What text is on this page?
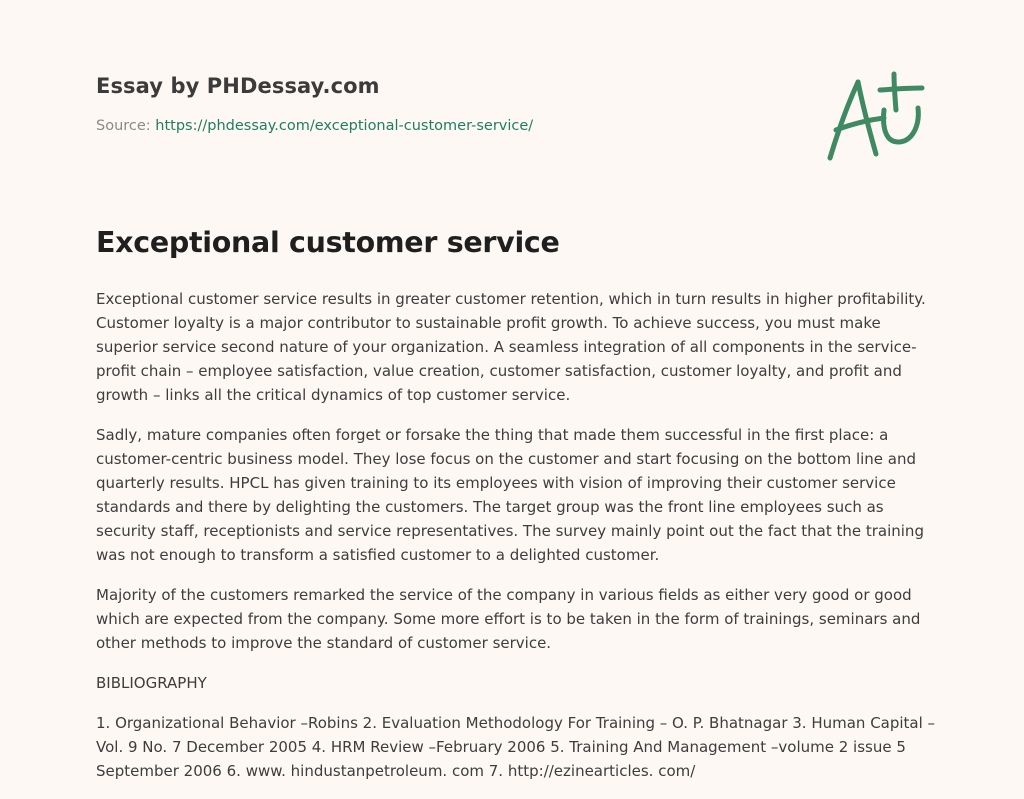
Essay by PHDessay.com

Source: https://phdessay.com/exceptional-customer-service/
Exceptional customer service

Exceptional customer service results in greater customer retention, which in turn results in higher profitability. Customer loyalty is a major contributor to sustainable profit growth. To achieve success, you must make superior service second nature of your organization. A seamless integration of all components in the service-profit chain – employee satisfaction, value creation, customer satisfaction, customer loyalty, and profit and growth – links all the critical dynamics of top customer service.

Sadly, mature companies often forget or forsake the thing that made them successful in the first place: a customer-centric business model. They lose focus on the customer and start focusing on the bottom line and quarterly results. HPCL has given training to its employees with vision of improving their customer service standards and there by delighting the customers. The target group was the front line employees such as security staff, receptionists and service representatives. The survey mainly point out the fact that the training was not enough to transform a satisfied customer to a delighted customer.

Majority of the customers remarked the service of the company in various fields as either very good or good which are expected from the company. Some more effort is to be taken in the form of trainings, seminars and other methods to improve the standard of customer service.

BIBLIOGRAPHY

1. Organizational Behavior –Robins 2. Evaluation Methodology For Training – O. P. Bhatnagar 3. Human Capital – Vol. 9 No. 7 December 2005 4. HRM Review –February 2006 5. Training And Management –volume 2 issue 5 September 2006 6. www. hindustanpetroleum. com 7. http://ezinearticles. com/
